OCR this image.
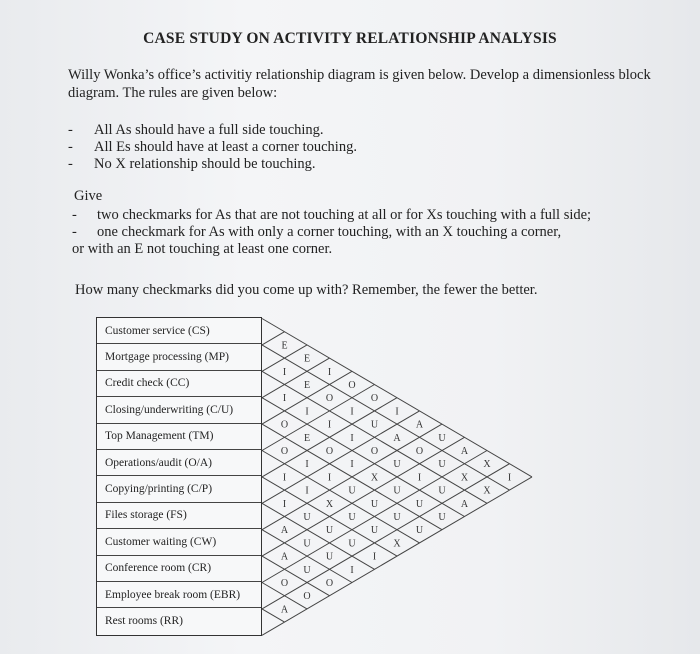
CASE STUDY ON ACTIVITY RELATIONSHIP ANALYSIS
Willy Wonka’s office’s activitiy relationship diagram is given below. Develop a dimensionless block diagram. The rules are given below:
- All As should have a full side touching.
- All Es should have at least a corner touching.
- No X relationship should be touching.
Give
- two checkmarks for As that are not touching at all or for Xs touching with a full side;
- one checkmark for As with only a corner touching, with an X touching a corner,
or with an E not touching at least one corner.
How many checkmarks did you come up with? Remember, the fewer the better.
E
E
I
O
O
I
A
U
A
X
I
I
E
O
I
U
A
O
U
X
X
I
I
I
I
O
U
I
U
A
O
E
O
I
X
U
U
U
O
I
I
U
U
U
U
I
I
X
U
U
X
I
U
U
U
I
A
U
U
I
A
U
O
O
O
A
Customer service (CS)
Mortgage processing (MP)
Credit check (CC)
Closing/underwriting (C/U)
Top Management (TM)
Operations/audit (O/A)
Copying/printing (C/P)
Files storage (FS)
Customer waiting (CW)
Conference room (CR)
Employee break room (EBR)
Rest rooms (RR)
